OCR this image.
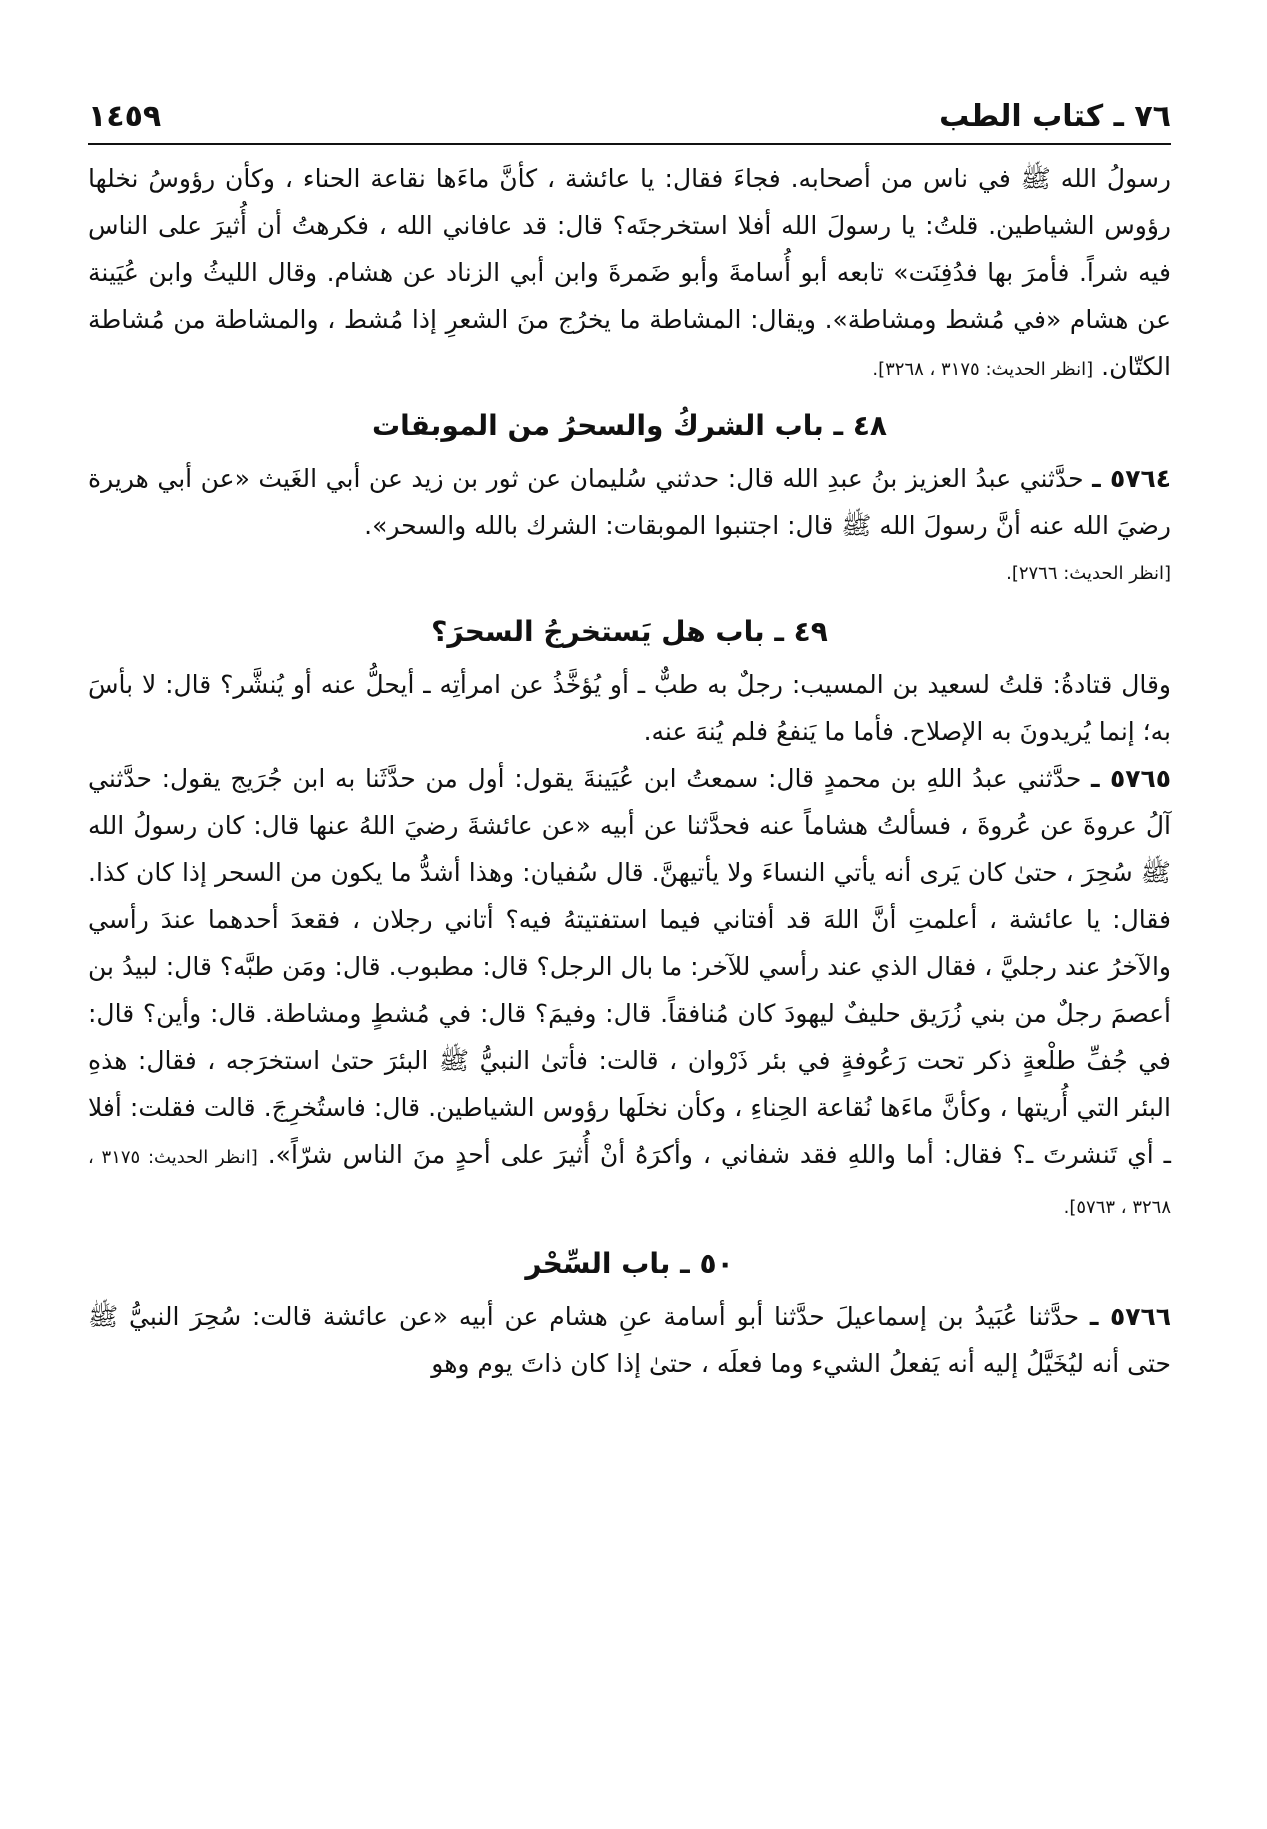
٧٦ ـ كتاب الطب
١٤٥٩

رسولُ الله ﷺ في ناس من أصحابه. فجاءَ فقال: يا عائشة ، كأنَّ ماءَها نقاعة الحناء ، وكأن رؤوسُ نخلها رؤوس الشياطين. قلتُ: يا رسولَ الله أفلا استخرجتَه؟ قال: قد عافاني الله ، فكرهتُ أن أُثيرَ على الناس فيه شراً. فأمرَ بها فدُفِنَت» تابعه أبو أُسامةَ وأبو ضَمرةَ وابن أبي الزناد عن هشام. وقال الليثُ وابن عُيَينة عن هشام «في مُشط ومشاطة». ويقال: المشاطة ما يخرُج منَ الشعرِ إذا مُشط ، والمشاطة من مُشاطة الكتّان. [انظر الحديث: ٣١٧٥ ، ٣٢٦٨].

٤٨ ـ باب الشركُ والسحرُ من الموبقات

٥٧٦٤ ـ حدَّثني عبدُ العزيز بنُ عبدِ الله قال: حدثني سُليمان عن ثور بن زيد عن أبي الغَيث «عن أبي هريرة رضيَ الله عنه أنَّ رسولَ الله ﷺ قال: اجتنبوا الموبقات: الشرك بالله والسحر».

[انظر الحديث: ٢٧٦٦].

٤٩ ـ باب هل يَستخرجُ السحرَ؟

وقال قتادةُ: قلتُ لسعيد بن المسيب: رجلٌ به طبٌّ ـ أو يُؤخَّذُ عن امرأتِه ـ أيحلُّ عنه أو يُنشَّر؟ قال: لا بأسَ به؛ إنما يُريدونَ به الإصلاح. فأما ما يَنفعُ فلم يُنهَ عنه.

٥٧٦٥ ـ حدَّثني عبدُ اللهِ بن محمدٍ قال: سمعتُ ابن عُيَينةَ يقول: أول من حدَّثَنا به ابن جُرَيج يقول: حدَّثني آلُ عروةَ عن عُروةَ ، فسألتُ هشاماً عنه فحدَّثنا عن أبيه «عن عائشةَ رضيَ اللهُ عنها قال: كان رسولُ الله ﷺ سُحِرَ ، حتىٰ كان يَرى أنه يأتي النساءَ ولا يأتيهنَّ. قال سُفيان: وهذا أشدُّ ما يكون من السحر إذا كان كذا. فقال: يا عائشة ، أعلمتِ أنَّ اللهَ قد أفتاني فيما استفتيتهُ فيه؟ أتاني رجلان ، فقعدَ أحدهما عندَ رأسي والآخرُ عند رجليَّ ، فقال الذي عند رأسي للآخر: ما بال الرجل؟ قال: مطبوب. قال: ومَن طبَّه؟ قال: لبيدُ بن أعصمَ رجلٌ من بني زُرَيق حليفٌ ليهودَ كان مُنافقاً. قال: وفيمَ؟ قال: في مُشطٍ ومشاطة. قال: وأين؟ قال: في جُفِّ طلْعةٍ ذكر تحت رَعُوفةٍ في بئر ذَرْوان ، قالت: فأتىٰ النبيُّ ﷺ البئرَ حتىٰ استخرَجه ، فقال: هذهِ البئر التي أُريتها ، وكأنَّ ماءَها نُقاعة الحِناءِ ، وكأن نخلَها رؤوس الشياطين. قال: فاستُخرِجَ. قالت فقلت: أفلا ـ أي تَنشرتَ ـ؟ فقال: أما واللهِ فقد شفاني ، وأكرَهُ أنْ أُثيرَ على أحدٍ منَ الناس شرّاً». [انظر الحديث: ٣١٧٥ ، ٣٢٦٨ ، ٥٧٦٣].

٥٠ ـ باب السِّحْر

٥٧٦٦ ـ حدَّثنا عُبَيدُ بن إسماعيلَ حدَّثنا أبو أسامة عنِ هشام عن أبيه «عن عائشة قالت: سُحِرَ النبيُّ ﷺ حتى أنه ليُخَيَّلُ إليه أنه يَفعلُ الشيء وما فعلَه ، حتىٰ إذا كان ذاتَ يوم وهو
